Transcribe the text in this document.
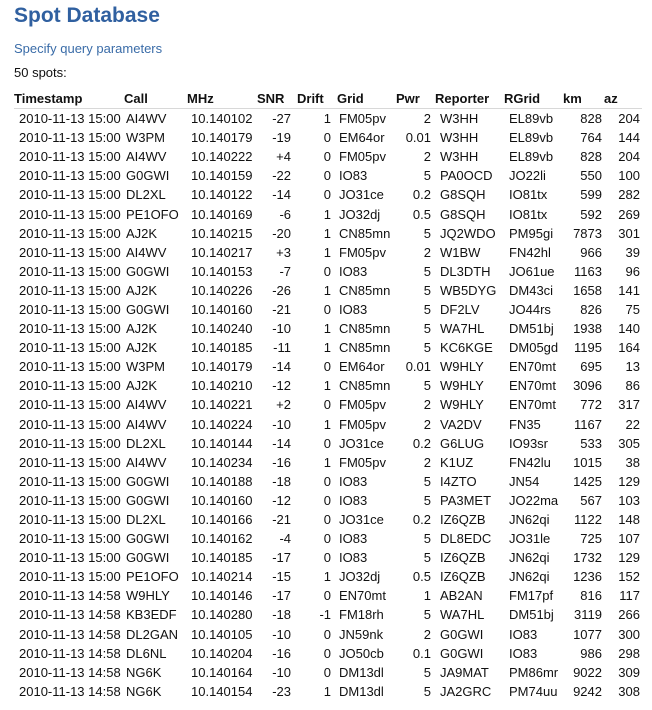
Spot Database
Specify query parameters
50 spots:
Timestamp	Call	MHz	SNR	Drift	Grid	Pwr	Reporter	RGrid	km	az
2010-11-13 15:00	AI4WV	10.140102	-27	1	FM05pv	2	W3HH	EL89vb	828	204
2010-11-13 15:00	W3PM	10.140179	-19	0	EM64or	0.01	W3HH	EL89vb	764	144
2010-11-13 15:00	AI4WV	10.140222	+4	0	FM05pv	2	W3HH	EL89vb	828	204
2010-11-13 15:00	G0GWI	10.140159	-22	0	IO83	5	PA0OCD	JO22li	550	100
2010-11-13 15:00	DL2XL	10.140122	-14	0	JO31ce	0.2	G8SQH	IO81tx	599	282
2010-11-13 15:00	PE1OFO	10.140169	-6	1	JO32dj	0.5	G8SQH	IO81tx	592	269
2010-11-13 15:00	AJ2K	10.140215	-20	1	CN85mn	5	JQ2WDO	PM95gi	7873	301
2010-11-13 15:00	AI4WV	10.140217	+3	1	FM05pv	2	W1BW	FN42hl	966	39
2010-11-13 15:00	G0GWI	10.140153	-7	0	IO83	5	DL3DTH	JO61ue	1163	96
2010-11-13 15:00	AJ2K	10.140226	-26	1	CN85mn	5	WB5DYG	DM43ci	1658	141
2010-11-13 15:00	G0GWI	10.140160	-21	0	IO83	5	DF2LV	JO44rs	826	75
2010-11-13 15:00	AJ2K	10.140240	-10	1	CN85mn	5	WA7HL	DM51bj	1938	140
2010-11-13 15:00	AJ2K	10.140185	-11	1	CN85mn	5	KC6KGE	DM05gd	1195	164
2010-11-13 15:00	W3PM	10.140179	-14	0	EM64or	0.01	W9HLY	EN70mt	695	13
2010-11-13 15:00	AJ2K	10.140210	-12	1	CN85mn	5	W9HLY	EN70mt	3096	86
2010-11-13 15:00	AI4WV	10.140221	+2	0	FM05pv	2	W9HLY	EN70mt	772	317
2010-11-13 15:00	AI4WV	10.140224	-10	1	FM05pv	2	VA2DV	FN35	1167	22
2010-11-13 15:00	DL2XL	10.140144	-14	0	JO31ce	0.2	G6LUG	IO93sr	533	305
2010-11-13 15:00	AI4WV	10.140234	-16	1	FM05pv	2	K1UZ	FN42lu	1015	38
2010-11-13 15:00	G0GWI	10.140188	-18	0	IO83	5	I4ZTO	JN54	1425	129
2010-11-13 15:00	G0GWI	10.140160	-12	0	IO83	5	PA3MET	JO22ma	567	103
2010-11-13 15:00	DL2XL	10.140166	-21	0	JO31ce	0.2	IZ6QZB	JN62qi	1122	148
2010-11-13 15:00	G0GWI	10.140162	-4	0	IO83	5	DL8EDC	JO31le	725	107
2010-11-13 15:00	G0GWI	10.140185	-17	0	IO83	5	IZ6QZB	JN62qi	1732	129
2010-11-13 15:00	PE1OFO	10.140214	-15	1	JO32dj	0.5	IZ6QZB	JN62qi	1236	152
2010-11-13 14:58	W9HLY	10.140146	-17	0	EN70mt	1	AB2AN	FM17pf	816	117
2010-11-13 14:58	KB3EDF	10.140280	-18	-1	FM18rh	5	WA7HL	DM51bj	3119	266
2010-11-13 14:58	DL2GAN	10.140105	-10	0	JN59nk	2	G0GWI	IO83	1077	300
2010-11-13 14:58	DL6NL	10.140204	-16	0	JO50cb	0.1	G0GWI	IO83	986	298
2010-11-13 14:58	NG6K	10.140164	-10	0	DM13dl	5	JA9MAT	PM86mr	9022	309
2010-11-13 14:58	NG6K	10.140154	-23	1	DM13dl	5	JA2GRC	PM74uu	9242	308
